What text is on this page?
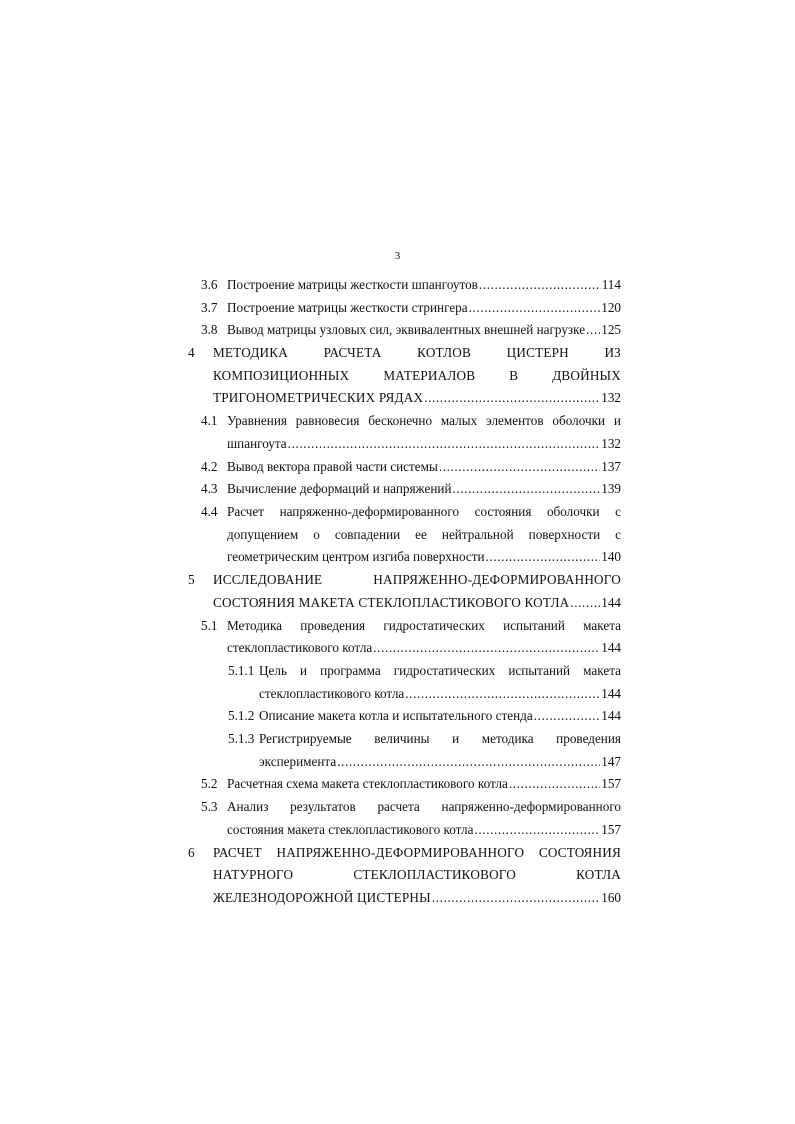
3
3.6 Построение матрицы жесткости шпангоутов .....	114
3.7 Построение матрицы жесткости стрингера .....	120
3.8 Вывод матрицы узловых сил, эквивалентных внешней нагрузке ..... 125
4 МЕТОДИКА РАСЧЕТА КОТЛОВ ЦИСТЕРН ИЗ
КОМПОЗИЦИОННЫХ МАТЕРИАЛОВ В ДВОЙНЫХ
ТРИГОНОМЕТРИЧЕСКИХ РЯДАХ .....	132
4.1 Уравнения равновесия бесконечно малых элементов оболочки и
шпангоута .....	132
4.2 Вывод вектора правой части системы .....	137
4.3 Вычисление деформаций и напряжений .....	139
4.4 Расчет напряженно-деформированного состояния оболочки с
допущением о совпадении ее нейтральной поверхности с
геометрическим центром изгиба поверхности .....	140
5 ИССЛЕДОВАНИЕ НАПРЯЖЕННО-ДЕФОРМИРОВАННОГО
СОСТОЯНИЯ МАКЕТА СТЕКЛОПЛАСТИКОВОГО КОТЛА ..... 144
5.1 Методика проведения гидростатических испытаний макета
стеклопластикового котла .....	144
5.1.1 Цель и программа гидростатических испытаний макета
стеклопластикового котла .....	144
5.1.2 Описание макета котла и испытательного стенда .....	144
5.1.3 Регистрируемые величины и методика проведения
эксперимента .....	147
5.2 Расчетная схема макета стеклопластикового котла .....	157
5.3 Анализ результатов расчета напряженно-деформированного
состояния макета стеклопластикового котла .....	157
6 РАСЧЕТ НАПРЯЖЕННО-ДЕФОРМИРОВАННОГО СОСТОЯНИЯ
НАТУРНОГО СТЕКЛОПЛАСТИКОВОГО КОТЛА
ЖЕЛЕЗНОДОРОЖНОЙ ЦИСТЕРНЫ .....	160
